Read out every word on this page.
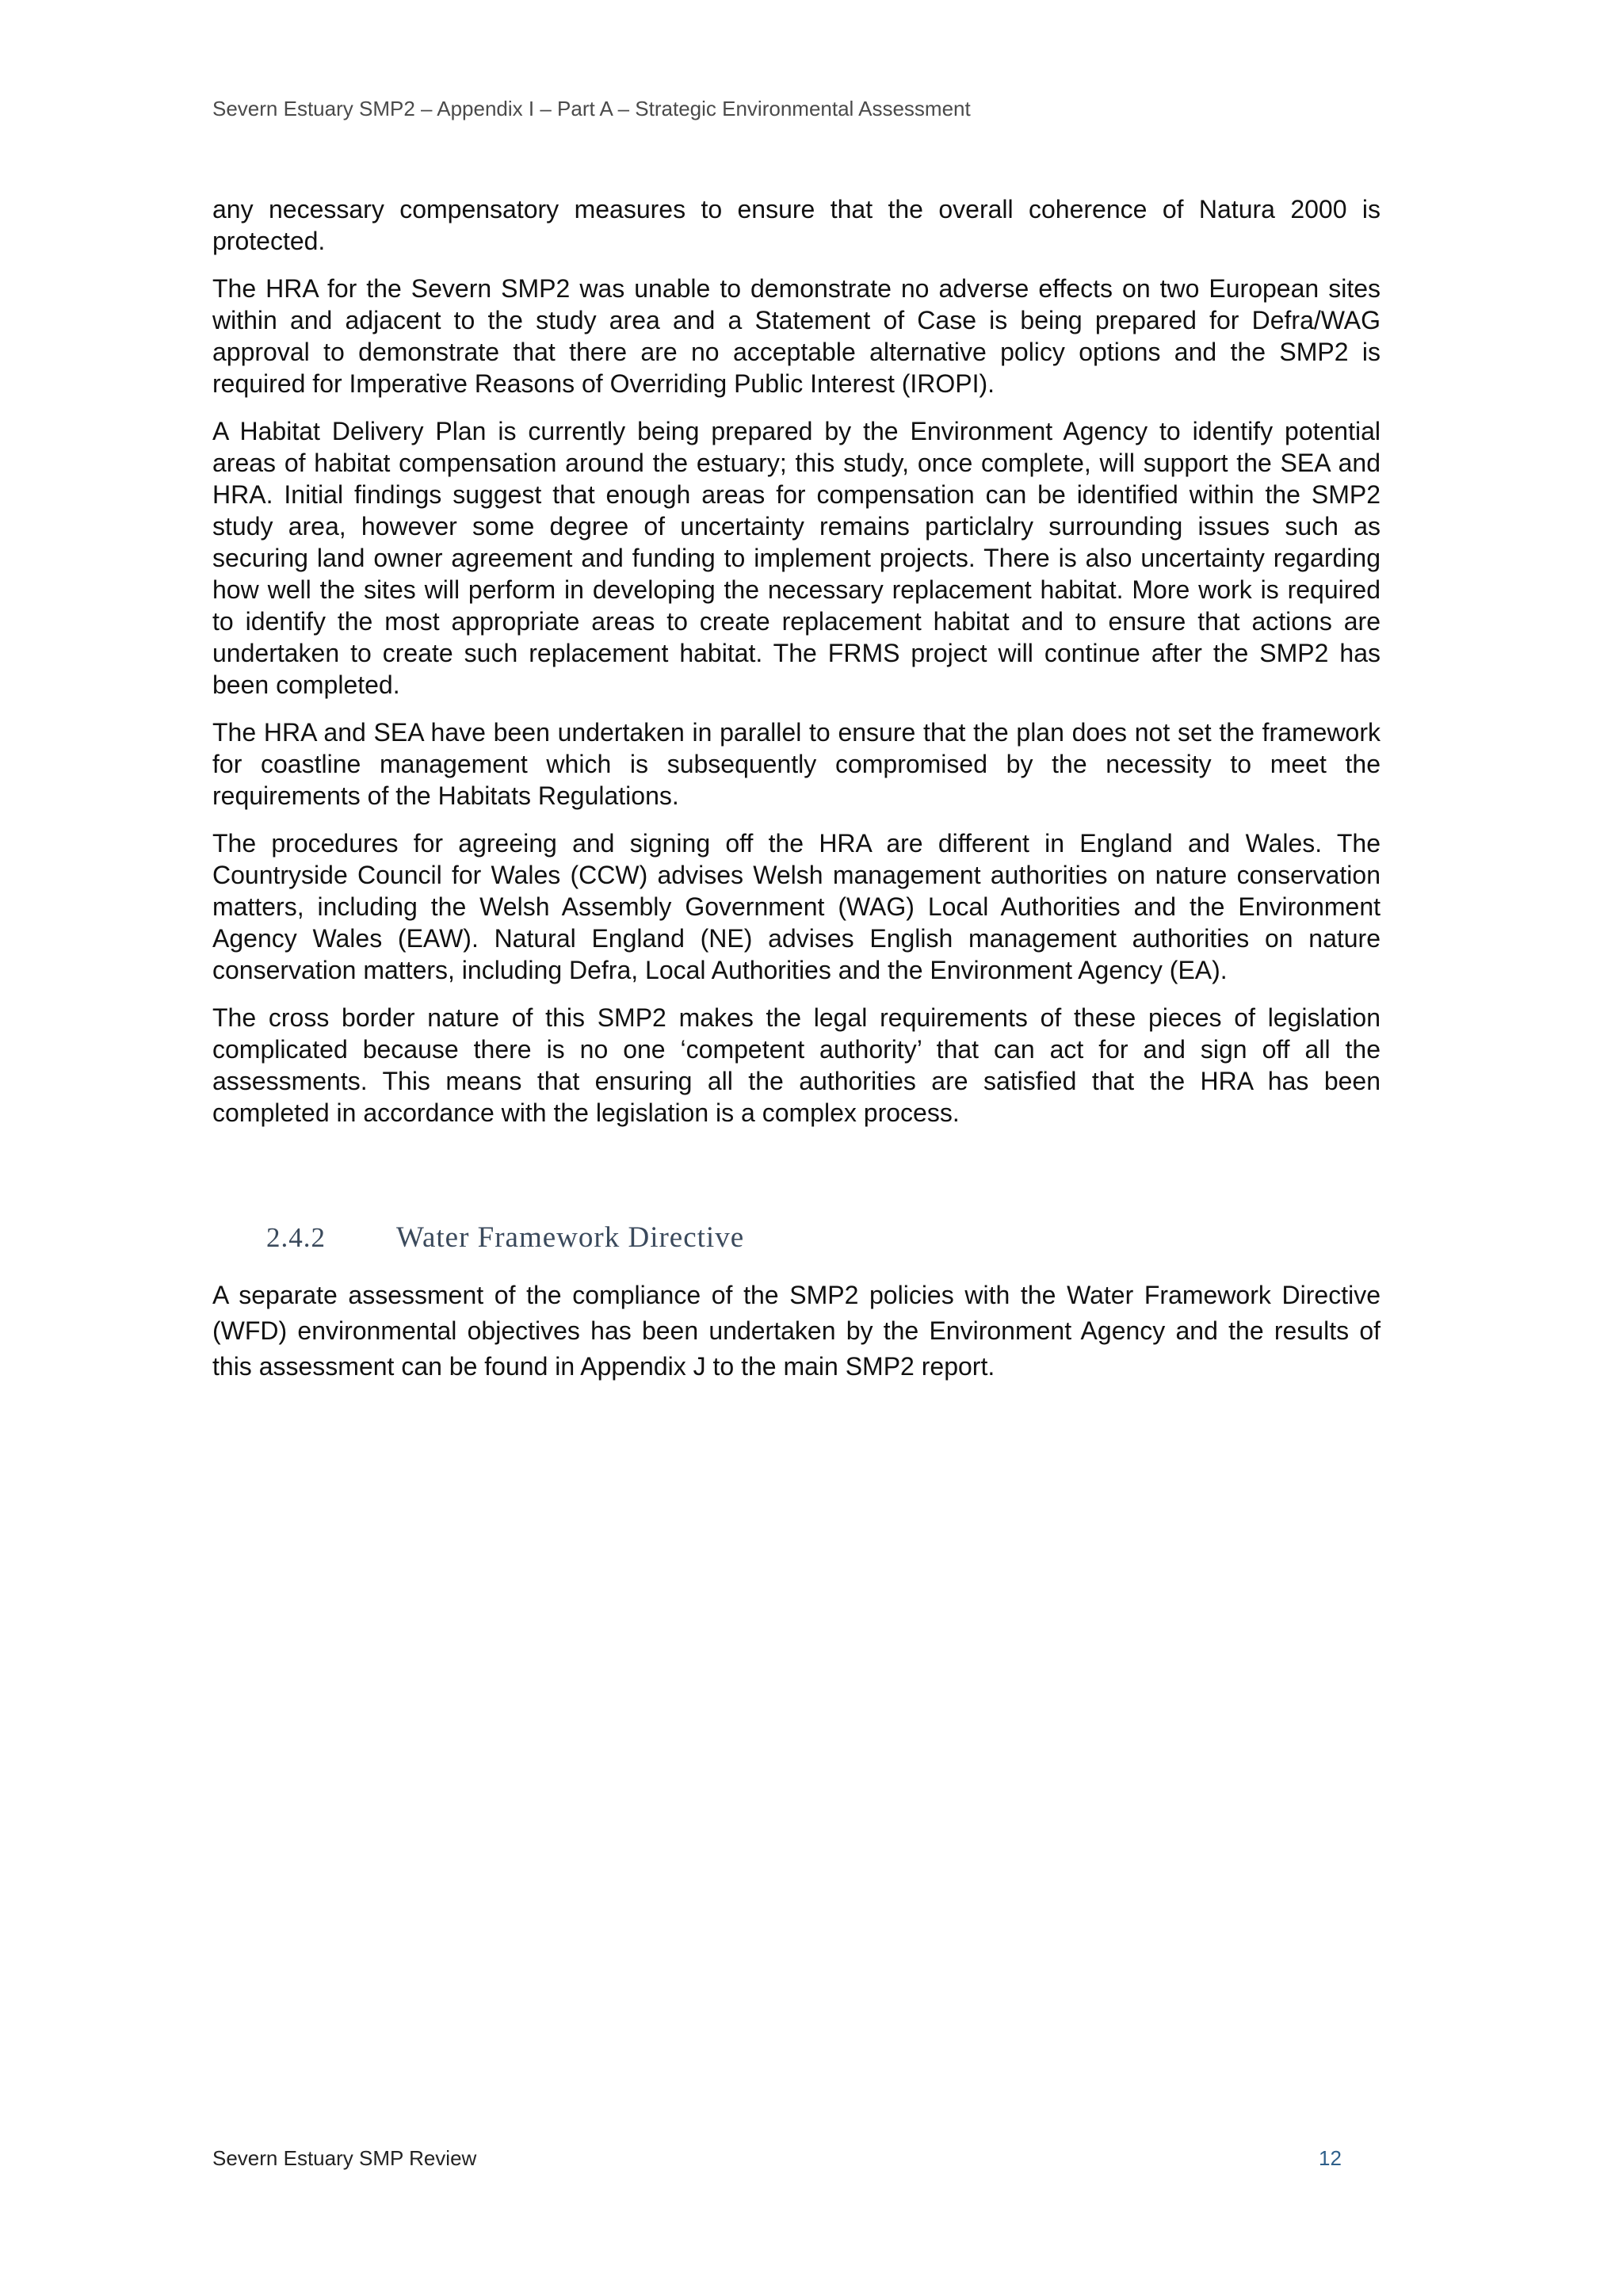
Severn Estuary SMP2 – Appendix I – Part A – Strategic Environmental Assessment

any necessary compensatory measures to ensure that the overall coherence of Natura 2000 is protected.

The HRA for the Severn SMP2 was unable to demonstrate no adverse effects on two European sites within and adjacent to the study area and a Statement of Case is being prepared for Defra/WAG approval to demonstrate that there are no acceptable alternative policy options and the SMP2 is required for Imperative Reasons of Overriding Public Interest (IROPI).

A Habitat Delivery Plan is currently being prepared by the Environment Agency to identify potential areas of habitat compensation around the estuary; this study, once complete, will support the SEA and HRA. Initial findings suggest that enough areas for compensation can be identified within the SMP2 study area, however some degree of uncertainty remains particlalry surrounding issues such as securing land owner agreement and funding to implement projects. There is also uncertainty regarding how well the sites will perform in developing the necessary replacement habitat. More work is required to identify the most appropriate areas to create replacement habitat and to ensure that actions are undertaken to create such replacement habitat. The FRMS project will continue after the SMP2 has been completed.

The HRA and SEA have been undertaken in parallel to ensure that the plan does not set the framework for coastline management which is subsequently compromised by the necessity to meet the requirements of the Habitats Regulations.

The procedures for agreeing and signing off the HRA are different in England and Wales. The Countryside Council for Wales (CCW) advises Welsh management authorities on nature conservation matters, including the Welsh Assembly Government (WAG) Local Authorities and the Environment Agency Wales (EAW). Natural England (NE) advises English management authorities on nature conservation matters, including Defra, Local Authorities and the Environment Agency (EA).

The cross border nature of this SMP2 makes the legal requirements of these pieces of legislation complicated because there is no one ‘competent authority’ that can act for and sign off all the assessments. This means that ensuring all the authorities are satisfied that the HRA has been completed in accordance with the legislation is a complex process.

2.4.2 Water Framework Directive

A separate assessment of the compliance of the SMP2 policies with the Water Framework Directive (WFD) environmental objectives has been undertaken by the Environment Agency and the results of this assessment can be found in Appendix J to the main SMP2 report.

Severn Estuary SMP Review	12
